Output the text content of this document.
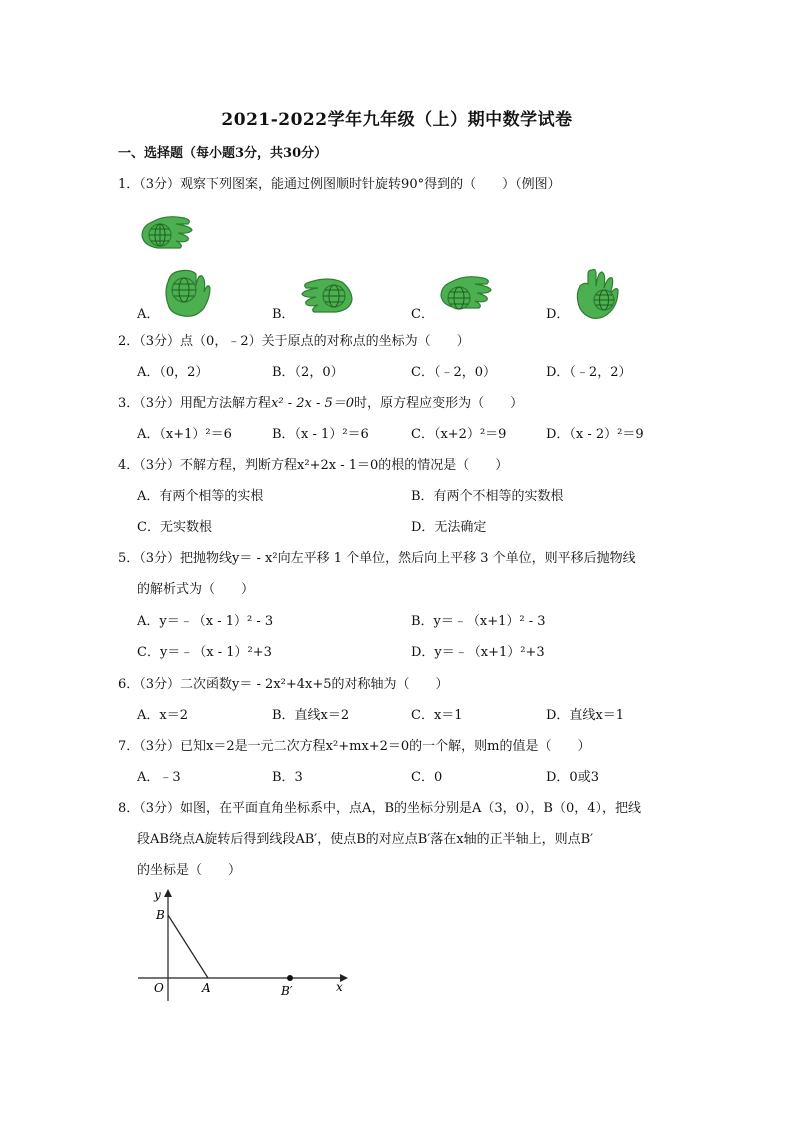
2021-2022学年九年级（上）期中数学试卷
一、选择题（每小题3分，共30分）
1．（3分）观察下列图案，能通过例图顺时针旋转90°得到的（　　）（例图）
A．	B．	C．	D．
2．（3分）点（0，﹣2）关于原点的对称点的坐标为（　　）
A．（0，2）	B．（2，0）	C．（﹣2，0）	D．（﹣2，2）
3．（3分）用配方法解方程x² - 2x - 5＝0时，原方程应变形为（　　）
A．（x+1）²＝6	B．（x - 1）²＝6	C．（x+2）²＝9	D．（x - 2）²＝9
4．（3分）不解方程，判断方程x²+2x - 1＝0的根的情况是（　　）
A．有两个相等的实根	B．有两个不相等的实数根
C．无实数根	D．无法确定
5．（3分）把抛物线y＝ - x²向左平移 1 个单位，然后向上平移 3 个单位，则平移后抛物线
的解析式为（　　）
A．y＝﹣（x - 1）² - 3	B．y＝﹣（x+1）² - 3
C．y＝﹣（x - 1）²+3	D．y＝﹣（x+1）²+3
6．（3分）二次函数y＝ - 2x²+4x+5的对称轴为（　　）
A．x＝2	B．直线x＝2	C．x＝1	D．直线x＝1
7．（3分）已知x＝2是一元二次方程x²+mx+2＝0的一个解，则m的值是（　　）
A．﹣3	B．3	C．0	D．0或3
8．（3分）如图，在平面直角坐标系中，点A，B的坐标分别是A（3，0），B（0，4），把线
段AB绕点A旋转后得到线段AB′，使点B的对应点B′落在x轴的正半轴上，则点B′
的坐标是（　　）
y
B
O	A	B′	x
